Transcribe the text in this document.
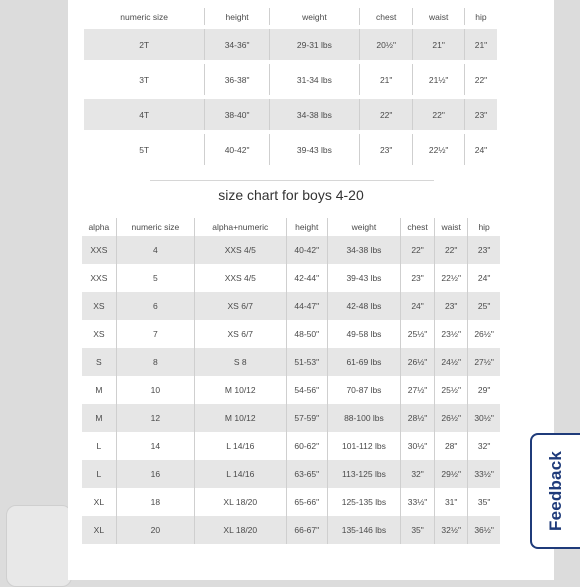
numeric size	height	weight	chest	waist	hip

2T	34-36"	29-31 lbs	20½"	21"	21"

3T	36-38"	31-34 lbs	21"	21½"	22"

4T	38-40"	34-38 lbs	22"	22"	23"

5T	40-42"	39-43 lbs	23"	22½"	24"
size chart for boys 4-20
alpha	numeric size	alpha+numeric	height	weight	chest	waist	hip
XXS	4	XXS 4/5	40-42"	34-38 lbs	22"	22"	23"
XXS	5	XXS 4/5	42-44"	39-43 lbs	23"	22½"	24"
XS	6	XS 6/7	44-47"	42-48 lbs	24"	23"	25"
XS	7	XS 6/7	48-50"	49-58 lbs	25½"	23½"	26½"
S	8	S 8	51-53"	61-69 lbs	26½"	24½"	27½"
M	10	M 10/12	54-56"	70-87 lbs	27½"	25½"	29"
M	12	M 10/12	57-59"	88-100 lbs	28½"	26½"	30½"
L	14	L 14/16	60-62"	101-112 lbs	30½"	28"	32"
L	16	L 14/16	63-65"	113-125 lbs	32"	29½"	33½"
XL	18	XL 18/20	65-66"	125-135 lbs	33½"	31"	35"
XL	20	XL 18/20	66-67"	135-146 lbs	35"	32½"	36½"	Feedback
